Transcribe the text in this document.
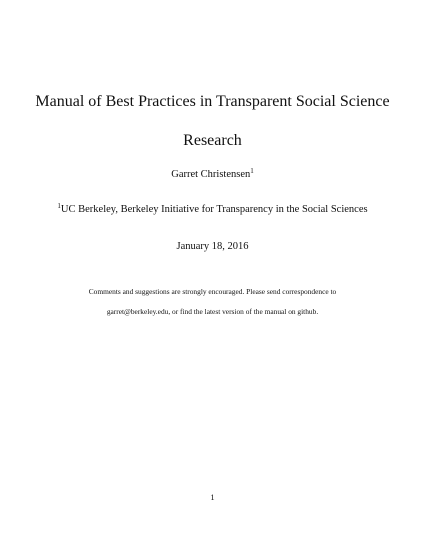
Manual of Best Practices in Transparent Social Science
Research
Garret Christensen$^1$
$^1$UC Berkeley, Berkeley Initiative for Transparency in the Social Sciences
January 18, 2016
Comments and suggestions are strongly encouraged. Please send correspondence to
garret@berkeley.edu, or find the latest version of the manual on github.
1
